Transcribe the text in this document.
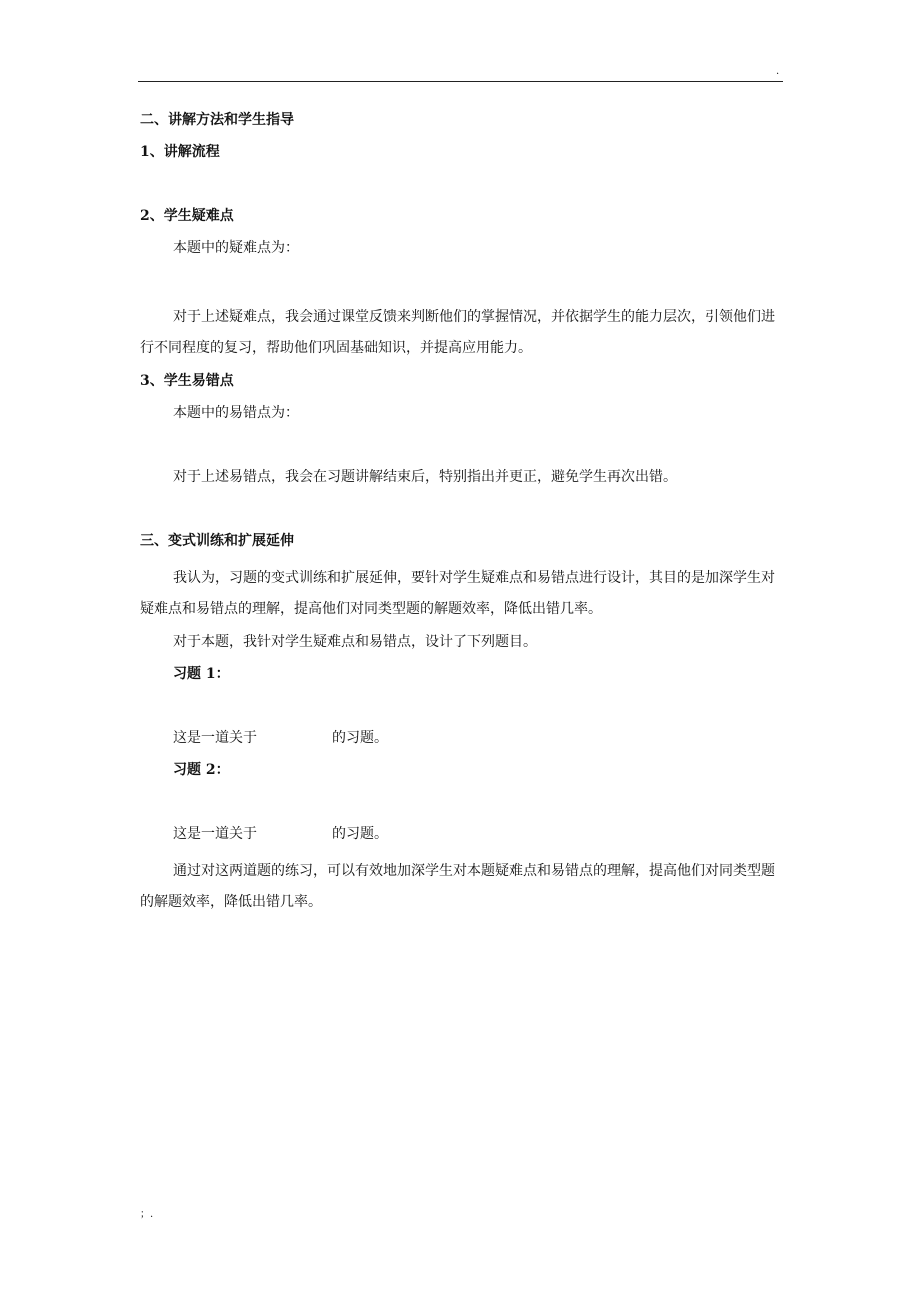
.

二、讲解方法和学生指导

1、讲解流程

2、学生疑难点

本题中的疑难点为：

对于上述疑难点，我会通过课堂反馈来判断他们的掌握情况，并依据学生的能力层次，引领他们进行不同程度的复习，帮助他们巩固基础知识，并提高应用能力。

3、学生易错点

本题中的易错点为：

对于上述易错点，我会在习题讲解结束后，特别指出并更正，避免学生再次出错。

三、变式训练和扩展延伸

我认为，习题的变式训练和扩展延伸，要针对学生疑难点和易错点进行设计，其目的是加深学生对疑难点和易错点的理解，提高他们对同类型题的解题效率，降低出错几率。

对于本题，我针对学生疑难点和易错点，设计了下列题目。

习题 1：

这是一道关于	的习题。

习题 2：

这是一道关于	的习题。

通过对这两道题的练习，可以有效地加深学生对本题疑难点和易错点的理解，提高他们对同类型题的解题效率，降低出错几率。

；.
